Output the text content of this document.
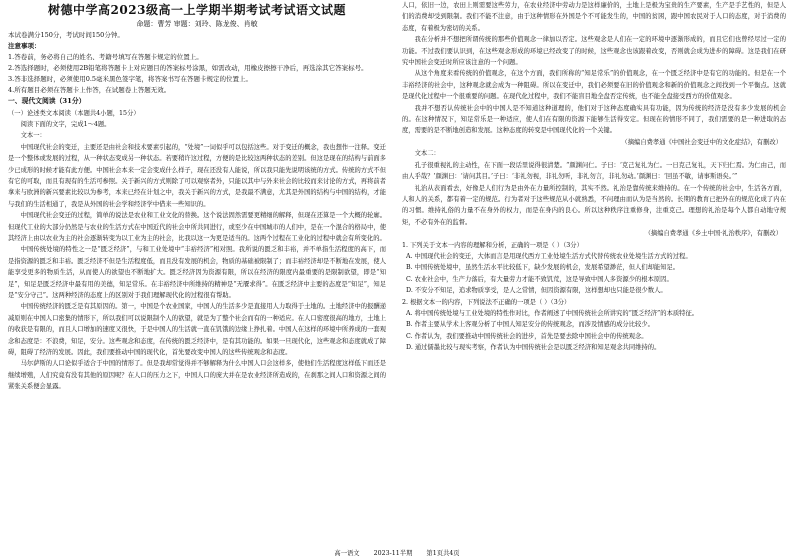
树德中学高2023级高一上学期半期考试考试语文试题
命题：曹芳 审题：刘玲、陈龙俊、肖敏
本试卷满分150分，考试时间150分钟。
注意事项：
1.答卷前，务必将自己的姓名、考籍号填写在答题卡规定的位置上。
2.答选择题时，必须使用2B铅笔将答题卡上对应题目的答案标号涂黑，如需改动，用橡皮擦擦干净后，再选涂其它答案标号。
3.答非选择题时，必须使用0.5毫米黑色签字笔，将答案书写在答题卡规定的位置上。
4.所有题目必须在答题卡上作答，在试题卷上答题无效。
一、现代文阅读（31分）
（一）论述类文本阅读（本题共4小题，15分）
阅读下面的文字，完成1～4题。
文本一：

中国现代社会的变迁，主要还是由社会和技术要素引起的，“处境”一词似乎可以包括这些。对于变迁的概念，我也想作一注释。变迁是一个整体或发展的过程，从一种状态变成另一种状态。若要稍许这过程，方便的是比较这两种状态的差别。但这是现在的结构与前面多少已成形的时候才能有此方便。中国社会本来一定会变成什么样子，现在还没有人能说，所以我只能先说明该统的方式。传统的方式不但有它的可取，而且有现有的生活可参照。关于新兴的方式则除了可以观察者外，只能以其中与外来社会的比较而来讨论的方式，再将前者拿来与欧洲的新兴要素比较以为参考，本来已经在计划之中，我关于新兴的方式，是我最不满意，尤其是外国的结构与中国的结构，才能与我们的生活相通了，我是从外国的社会学和经济学中借来一些知识的。

中国现代社会变迁的过程，简单的说法是农业和工业文化的替换。这个说法固然需要更精细的解释，但现在还算是一个大概的轮廓。但现代工业的大部分仍然是与农业的生活方式在中国近代的社会中所共同进行，或至少在中国城市的人们中，是在一个混合的格局中，使其经济上由以农业为主的社会逐渐转变为以工业为主的社会，比我以这一为更是适当的。这两个过程在工业化的过程中就会有所变化的。

中国传统处境的特性之一是“匮乏经济”，与和工业处境中“丰裕经济”相对照。我所说的匮乏和丰裕，并不单指生活程度的高下，而是指资源的匮乏和丰裕。匮乏经济不但是生活程度低，而且没有发展的机会，物质的基础被限制了；而丰裕经济却是不断地在发展，使人能享受更多的物质生活，从而使人的欲望也不断地扩大。匮乏经济因为资源有限，所以在经济的限度内最重要的是限制欲望，即是“知足”，知足是匮乏经济中最有用的美德，知足常乐。在丰裕经济中所维持的精神是“无餍求得”。在匮乏经济中主要的态度是“知足”，知足是“安分守己”。这两种经济的态度上的区别对于我们理解现代化的过程很有帮助。

中国传统经济的匮乏是有其原因的。第一，中国是个农业国家，中国人的生活多少是直接用人力取得于土地的。土地经济中的报酬递减原则在中国人口密集的情形下，所以我们可以说限制个人的欲望，就是为了整个社会而有的一种适应。在人口密度很高的地方，土地上的收获是有限的，而且人口增加的速度又很快，于是中国人的生活就一直在饥饿的边缘上挣扎着。中国人在这样的环境中所养成的一套观念和态度是：不浪费，知足，安分。这些观念和态度，在传统的匮乏经济中，是有其功能的。如果一旦现代化，这些观念和态度就成了障碍，阻碍了经济的发展。因此，我们要推动中国的现代化，首先要改变中国人的这些传统观念和态度。

马尔萨斯的人口论似乎适合于中国的情形了。但是我却常觉得并不够解释为什么中国人口会这样多，使他们生活程度这样低下而还是继续增殖，人们究竟有没有其他的原因呢？在人口的压力之下，中国人口的庞大并在是农业经济所造成的，在刹那之间人口和资源之间的紧张关系便会显露。

人口，依旧一边，农田上则需要这些劳力，在农业经济中劳动力是这样廉价的，土地上是极为宝贵的生产要素，生产是手艺性的，但是人们的消费却受到限制。我们不能不注意，由于这种情形在外国是个不可能发生的，中国的贫困，跟中国农民对于人口的态度，对于消费的态度，有着极为密切的关系。

我在分析并不想把所谓传统的那些价值观念一律加以否定。这些观念是人们在一定的环境中逐渐形成的，而且它们也曾经尽过一定的功能。不过我们要认识到，在这些观念形成的环境已经改变了的时候，这些观念也该跟着改变，否则就会成为进步的障碍。这是我们在研究中国社会变迁时所应该注意的一个问题。

从这个角度来看传统的价值观念，在这个方面，我们所称的“知足常乐”的价值观念，在一个匮乏经济中是有它的功能的。但是在一个丰裕经济的社会中，这种观念就会成为一种阻碍。所以在变迁中，我们必须要在旧的价值观念和新的价值观念之间找到一个平衡点。这就是现代化过程中一个很重要的问题。在现代化过程中，我们不能盲目地全盘否定传统，也不能全盘接受西方的价值观念。

我并不想否认传统社会中的中国人是不知道这种道理的，他们对于这种态度确实具有功能，因为传统的经济是没有多少发展的机会的。在这种情况下，知足常乐是一种适应，使人们在有限的资源下能够生活得安定。但现在的情形不同了，我们需要的是一种进取的态度，需要的是不断地创造和发展。这种态度的转变是中国现代化的一个关键。

（摘编自费孝通《中国社会变迁中的文化症结》，有删改）
文本二：

孔子很重视礼的主动性，在下面一段话里说得很清楚。“颜渊问仁。子曰：‘克己复礼为仁。一日克己复礼，天下归仁焉。为仁由己，而由人乎哉？’颜渊曰：‘请问其目。’子曰：‘非礼勿视，非礼勿听，非礼勿言，非礼勿动。’颜渊曰：‘回虽不敏，请事斯语矣。’”

礼治从表面看去，好像是人们行为是由外在力量所控制的，其实不然。礼治是靠传统来维持的。在一个传统的社会中，生活各方面，人和人的关系，都有着一定的规范。行为者对于这些规范从小就熟悉，不问理由而认为是当然的。长期的教育已把外在的规范化成了内在的习惯。维持礼俗的力量不在身外的权力，而是在身内的良心。所以这种秩序注重修身，注重克己。理想的礼治是每个人都自动地守规矩，不必有外在的监督。

（摘编自费孝通《乡土中国·礼治秩序》，有删改）
1. 下列关于文本一内容的理解和分析，正确的一项是（ ）（3分）
A. 中国现代社会的变迁，大体而言是用现代西方工业处境生活方式代替传统农业处境生活方式的过程。
B. 中国传统处境中，虽然生活水平比较低下，缺少发展的机会，发展希望渺茫，但人们却能知足。
C. 农业社会中，生产力落后，有大量劳力才能不致饥荒，这是导致中国人多资源少的根本原因。
D. 不安分不知足，追求物质享受，是人之常情，但因资源有限，这样想却也只能是很少数人。
2. 根据文本一的内容，下列说法不正确的一项是（ ）（3分）
A. 将中国传统处境与工业处境的特性作对比，作者阐述了中国传统社会所讲究的“匮乏经济”的本质特征。
B. 作者主要从学术上客观分析了中国人知足安分的传统观念，而涉及情感的成分比较少。
C. 作者认为，我们要推动中国传统社会的进步，首先是要去除中国社会中的传统观念。
D. 通过儒墨比较与现实考察，作者认为中国传统社会是以匮乏经济和知足观念共同维持的。
高一语文 2023-11半期 第1页共4页
